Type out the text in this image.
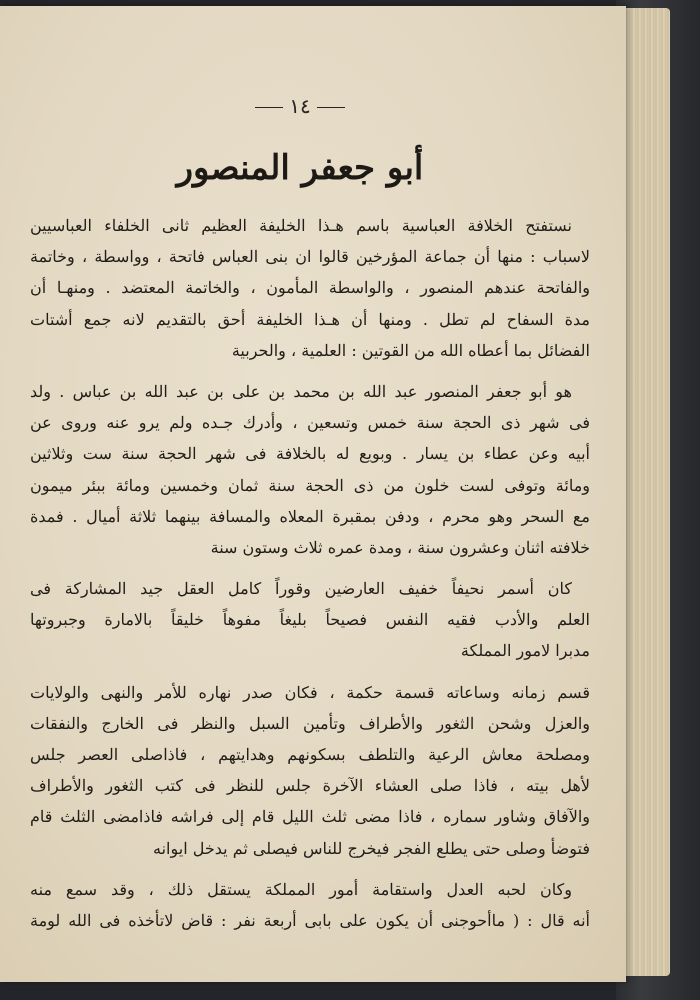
١٤
أبو جعفر المنصور
نستفتح الخلافة العباسية باسم هـذا الخليفة العظيم ثانى الخلفاء العباسيين
لاسباب : منها أن جماعة المؤرخين قالوا ان بنى العباس فاتحة ، وواسطة ، وخاتمة
والفاتحة عندهم المنصور ، والواسطة المأمون ، والخاتمة المعتضد . ومنهـا أن
مدة السفاح لم تطل . ومنها أن هـذا الخليفة أحق بالتقديم لانه جمع أشتات
الفضائل بما أعطاه الله من القوتين : العلمية ، والحربية
هو أبو جعفر المنصور عبد الله بن محمد بن على بن عبد الله بن عباس . ولد
فى شهر ذى الحجة سنة خمس وتسعين ، وأدرك جـده ولم يرو عنه وروى عن
أبيه وعن عطاء بن يسار . وبويع له بالخلافة فى شهر الحجة سنة ست وثلاثين
ومائة وتوفى لست خلون من ذى الحجة سنة ثمان وخمسين ومائة ببئر ميمون
مع السحر وهو محرم ، ودفن بمقبرة المعلاه والمسافة بينهما ثلاثة أميال . فمدة
خلافته اثنان وعشرون سنة ، ومدة عمره ثلاث وستون سنة
كان أسمر نحيفاً خفيف العارضين وقوراً كامل العقل جيد المشاركة فى
العلم والأدب فقيه النفس فصيحاً بليغاً مفوهاً خليقاً بالامارة وجبروتها
مدبرا لامور المملكة
قسم زمانه وساعاته قسمة حكمة ، فكان صدر نهاره للأمر والنهى والولايات
والعزل وشحن الثغور والأطراف وتأمين السبل والنظر فى الخارج والنفقات
ومصلحة معاش الرعية والتلطف بسكونهم وهدايتهم ، فاذاصلى العصر جلس
لأهل بيته ، فاذا صلى العشاء الآخرة جلس للنظر فى كتب الثغور والأطراف
والآفاق وشاور سماره ، فاذا مضى ثلث الليل قام إلى فراشه فاذامضى الثلث قام
فتوضأ وصلى حتى يطلع الفجر فيخرج للناس فيصلى ثم يدخل ايوانه
وكان لحبه العدل واستقامة أمور المملكة يستقل ذلك ، وقد سمع منه
أنه قال : ( ماأحوجنى أن يكون على بابى أربعة نفر : قاض لاتأخذه فى الله لومة
